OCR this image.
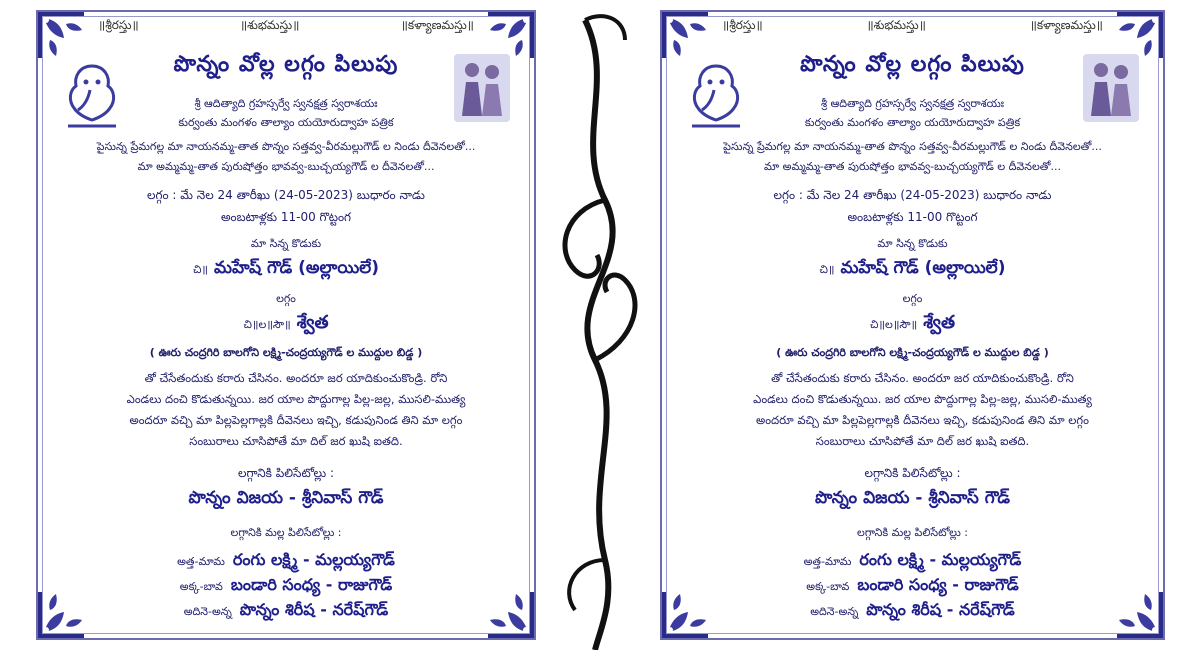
॥శ్రీరస్తు॥	॥శుభమస్తు॥	॥కళ్యాణమస్తు॥
పొన్నం వోల్ల లగ్గం పిలుపు
శ్రీ ఆదిత్యాది గ్రహస్సర్వే స్వనక్షత్ర స్వరాశయః
కుర్వంతు మంగళం తాల్యాం యయోరుద్వాహ పత్రిక
పైసున్న ప్రేమగల్ల మా నాయనమ్మ-తాత పొన్నం సత్తవ్వ-వీరమల్లుగౌడ్ ల నిండు దీవెనలతో...
మా అమ్మమ్మ-తాత పురుషోత్తం భావవ్వ-బుచ్చయ్యగౌడ్ ల దీవెనలతో...
లగ్గం : మే నెల 24 తారీఖు (24-05-2023) బుధారం నాడు
అంబటాళ్లకు 11-00 గొట్టంగ
మా సిన్న కొడుకు
చి॥ మహేష్ గౌడ్ (అల్లాయిలే)
లగ్గం
చి॥ల॥సౌ॥ శ్వేత
( ఊరు చంద్రగిరి బాలగోని లక్ష్మి-చంద్రయ్యగౌడ్ ల ముద్దుల బిడ్డ )
తో చేసేతందుకు కరారు చేసినం. అందరూ జర యాదికుంచుకొండ్రి. రోని
ఎండలు దంచి కొడుతున్నయి. జర యాల పొద్దుగాల్ల పిల్ల-జల్ల, ముసలి-ముత్య
అందరూ వచ్చి మా పిల్లపెల్లగాల్లకి దీవెనలు ఇచ్చి, కడుపునిండ తిని మా లగ్గం
సంబురాలు చూసిపోతే మా దిల్ జర ఖుషి ఐతది.
లగ్గానికి పిలిసేటోల్లు :
పొన్నం విజయ - శ్రీనివాస్ గౌడ్
లగ్గానికి మల్ల పిలిసేటోల్లు :
అత్త-మామ రంగు లక్ష్మి - మల్లయ్యగౌడ్
అక్క-బావ బండారి సంధ్య - రాజుగౌడ్
అదినె-అన్న పొన్నం శిరీష - నరేష్‌గౌడ్
॥శ్రీరస్తు॥	॥శుభమస్తు॥	॥కళ్యాణమస్తు॥
పొన్నం వోల్ల లగ్గం పిలుపు
శ్రీ ఆదిత్యాది గ్రహస్సర్వే స్వనక్షత్ర స్వరాశయః
కుర్వంతు మంగళం తాల్యాం యయోరుద్వాహ పత్రిక
పైసున్న ప్రేమగల్ల మా నాయనమ్మ-తాత పొన్నం సత్తవ్వ-వీరమల్లుగౌడ్ ల నిండు దీవెనలతో...
మా అమ్మమ్మ-తాత పురుషోత్తం భావవ్వ-బుచ్చయ్యగౌడ్ ల దీవెనలతో...
లగ్గం : మే నెల 24 తారీఖు (24-05-2023) బుధారం నాడు
అంబటాళ్లకు 11-00 గొట్టంగ
మా సిన్న కొడుకు
చి॥ మహేష్ గౌడ్ (అల్లాయిలే)
లగ్గం
చి॥ల॥సౌ॥ శ్వేత
( ఊరు చంద్రగిరి బాలగోని లక్ష్మి-చంద్రయ్యగౌడ్ ల ముద్దుల బిడ్డ )
తో చేసేతందుకు కరారు చేసినం. అందరూ జర యాదికుంచుకొండ్రి. రోని
ఎండలు దంచి కొడుతున్నయి. జర యాల పొద్దుగాల్ల పిల్ల-జల్ల, ముసలి-ముత్య
అందరూ వచ్చి మా పిల్లపెల్లగాల్లకి దీవెనలు ఇచ్చి, కడుపునిండ తిని మా లగ్గం
సంబురాలు చూసిపోతే మా దిల్ జర ఖుషి ఐతది.
లగ్గానికి పిలిసేటోల్లు :
పొన్నం విజయ - శ్రీనివాస్ గౌడ్
లగ్గానికి మల్ల పిలిసేటోల్లు :
అత్త-మామ రంగు లక్ష్మి - మల్లయ్యగౌడ్
అక్క-బావ బండారి సంధ్య - రాజుగౌడ్
అదినె-అన్న పొన్నం శిరీష - నరేష్‌గౌడ్
